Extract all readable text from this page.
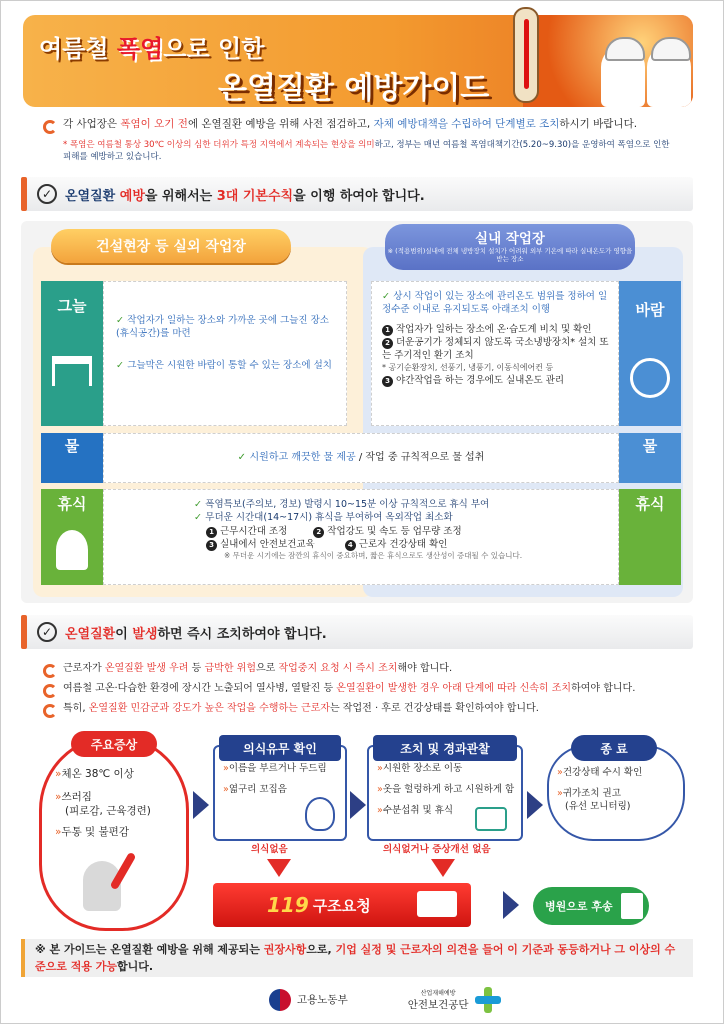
여름철 폭염으로 인한
온열질환 예방가이드
각 사업장은 폭염이 오기 전에 온열질환 예방을 위해 사전 점검하고, 자체 예방대책을 수립하여 단계별로 조치하시기 바랍니다.
* 폭염은 여름철 통상 30℃ 이상의 심한 더위가 특정 지역에서 계속되는 현상을 의미하고, 정부는 매년 여름철 폭염대책기간(5.20~9.30)을 운영하여 폭염으로 인한 피해를 예방하고 있습니다.
✓ 온열질환 예방을 위해서는 3대 기본수칙을 이행 하여야 합니다.
건설현장 등 실외 작업장	실내 작업장
※ (적용범위)실내에 전체 냉방장치 설치가 어려워 외부 기온에 따라 실내온도가 영향을 받는 장소
그늘
✓ 작업자가 일하는 장소와 가까운 곳에 그늘진 장소(휴식공간)를 마련
✓ 그늘막은 시원한 바람이 통할 수 있는 장소에 설치
✓ 상시 작업이 있는 장소에 관리온도 범위를 정하여 일정수준 이내로 유지되도록 아래조치 이행
1 작업자가 일하는 장소에 온·습도계 비치 및 확인
2 더운공기가 정체되지 않도록 국소냉방장치* 설치 또는 주기적인 환기 조치
* 공기순환장치, 선풍기, 냉풍기, 이동식에어컨 등
3 야간작업을 하는 경우에도 실내온도 관리
바람
물
✓ 시원하고 깨끗한 물 제공 / 작업 중 규칙적으로 물 섭취
물
휴식	✓ 폭염특보(주의보, 경보) 발령시 10~15분 이상 규칙적으로 휴식 부여
✓ 무더운 시간대(14~17시) 휴식을 부여하여 옥외작업 최소화
1 근무시간대 조정	2 작업강도 및 속도 등 업무량 조정
3 실내에서 안전보건교육	4 근로자 건강상태 확인
※ 무더운 시기에는 잠깐의 휴식이 중요하며, 짧은 휴식으로도 생산성이 증대될 수 있습니다.
휴식
✓ 온열질환이 발생하면 즉시 조치하여야 합니다.
근로자가 온열질환 발생 우려 등 급박한 위험으로 작업중지 요청 시 즉시 조치해야 합니다.
여름철 고온·다습한 환경에 장시간 노출되어 열사병, 열탈진 등 온열질환이 발생한 경우 아래 단계에 따라 신속히 조치하여야 합니다.
특히, 온열질환 민감군과 강도가 높은 작업을 수행하는 근로자는 작업전 · 후로 건강상태를 확인하여야 합니다.
주요증상
»체온 38℃ 이상
»쓰러짐
(피로감, 근육경련)
»두통 및 불편감
»이름을 부르거나 두드림
»엷구리 꼬집음
의식유무 확인
의식없음
»시원한 장소로 이동
»옷을 헐렁하게 하고 시원하게 함
»수분섭취 및 휴식
조치 및 경과관찰
의식없거나 증상개선 없음
»건강상태 수시 확인
»귀가조치 권고
(유선 모니터링)
종 료
119 구조요청	병원으로 후송
※ 본 가이드는 온열질환 예방을 위해 제공되는 권장사항으로, 기업 실정 및 근로자의 의견을 들어 이 기준과 동등하거나 그 이상의 수준으로 적용 가능합니다.
고용노동부
산업재해예방
안전보건공단
